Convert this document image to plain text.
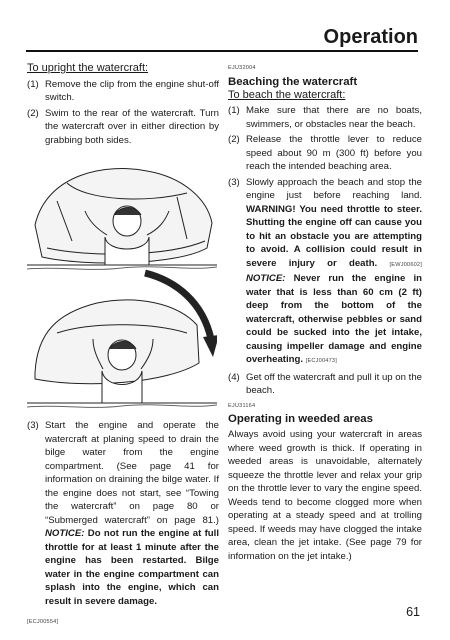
Operation
To upright the watercraft:
(1) Remove the clip from the engine shut-off switch.
(2) Swim to the rear of the watercraft. Turn the watercraft over in either direction by grabbing both sides.
(3) Start the engine and operate the watercraft at planing speed to drain the bilge water from the engine compartment. (See page 41 for information on draining the bilge water. If the engine does not start, see “Towing the watercraft” on page 80 or “Submerged watercraft” on page 81.) NOTICE: Do not run the engine at full throttle for at least 1 minute after the engine has been restarted. Bilge water in the engine compartment can splash into the engine, which can result in severe damage.
[ECJ00554]
EJU32004
Beaching the watercraft
To beach the watercraft:
(1) Make sure that there are no boats, swimmers, or obstacles near the beach.
(2) Release the throttle lever to reduce speed about 90 m (300 ft) before you reach the intended beaching area.
(3) Slowly approach the beach and stop the engine just before reaching land. WARNING! You need throttle to steer. Shutting the engine off can cause you to hit an obstacle you are attempting to avoid. A collision could result in severe injury or death. [EWJ00602] NOTICE: Never run the engine in water that is less than 60 cm (2 ft) deep from the bottom of the watercraft, otherwise pebbles or sand could be sucked into the jet intake, causing impeller damage and engine overheating. [ECJ00473]
(4) Get off the watercraft and pull it up on the beach.
EJU31164
Operating in weeded areas
Always avoid using your watercraft in areas where weed growth is thick. If operating in weeded areas is unavoidable, alternately squeeze the throttle lever and relax your grip on the throttle lever to vary the engine speed. Weeds tend to become clogged more when operating at a steady speed and at trolling speed. If weeds may have clogged the intake area, clean the jet intake. (See page 79 for information on the jet intake.)
61
